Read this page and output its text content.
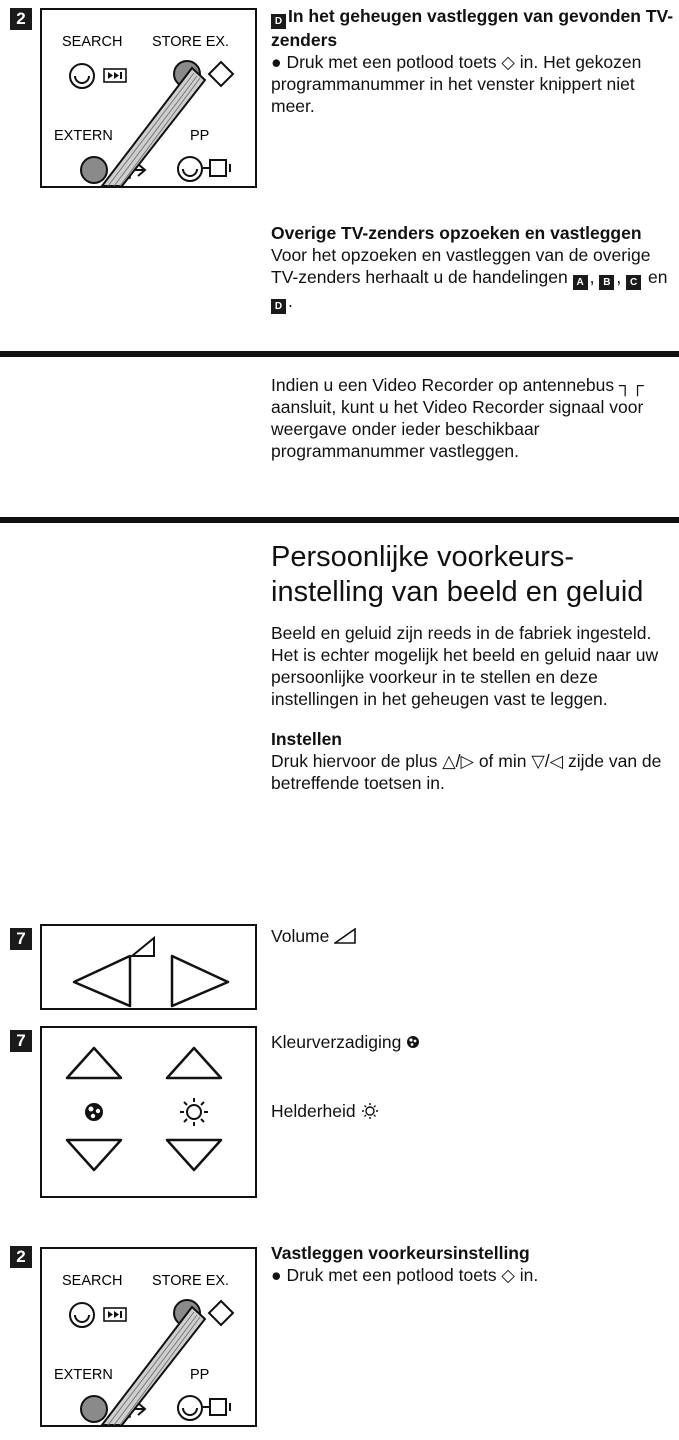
2
SEARCH STORE EX.
EXTERN	PP
D In het geheugen vastleggen van gevonden TV-zenders
● Druk met een potlood toets ◇ in. Het gekozen programmanummer in het venster knippert niet meer.
Overige TV-zenders opzoeken en vastleggen
Voor het opzoeken en vastleggen van de overige TV-zenders herhaalt u de handelingen A , B , C en D .
Indien u een Video Recorder op antennebus ┐┌ aansluit, kunt u het Video Recorder signaal voor weergave onder ieder beschikbaar programmanummer vastleggen.
Persoonlijke voorkeurs-
instelling van beeld en geluid
Beeld en geluid zijn reeds in de fabriek ingesteld.
Het is echter mogelijk het beeld en geluid naar uw persoonlijke voorkeur in te stellen en deze instellingen in het geheugen vast te leggen.
Instellen
Druk hiervoor de plus △/▷ of min ▽/◁ zijde van de betreffende toetsen in.
7	Volume
7	Kleurverzadiging
Helderheid
2
SEARCH STORE EX.
EXTERN	PP
Vastleggen voorkeursinstelling
● Druk met een potlood toets ◇ in.
